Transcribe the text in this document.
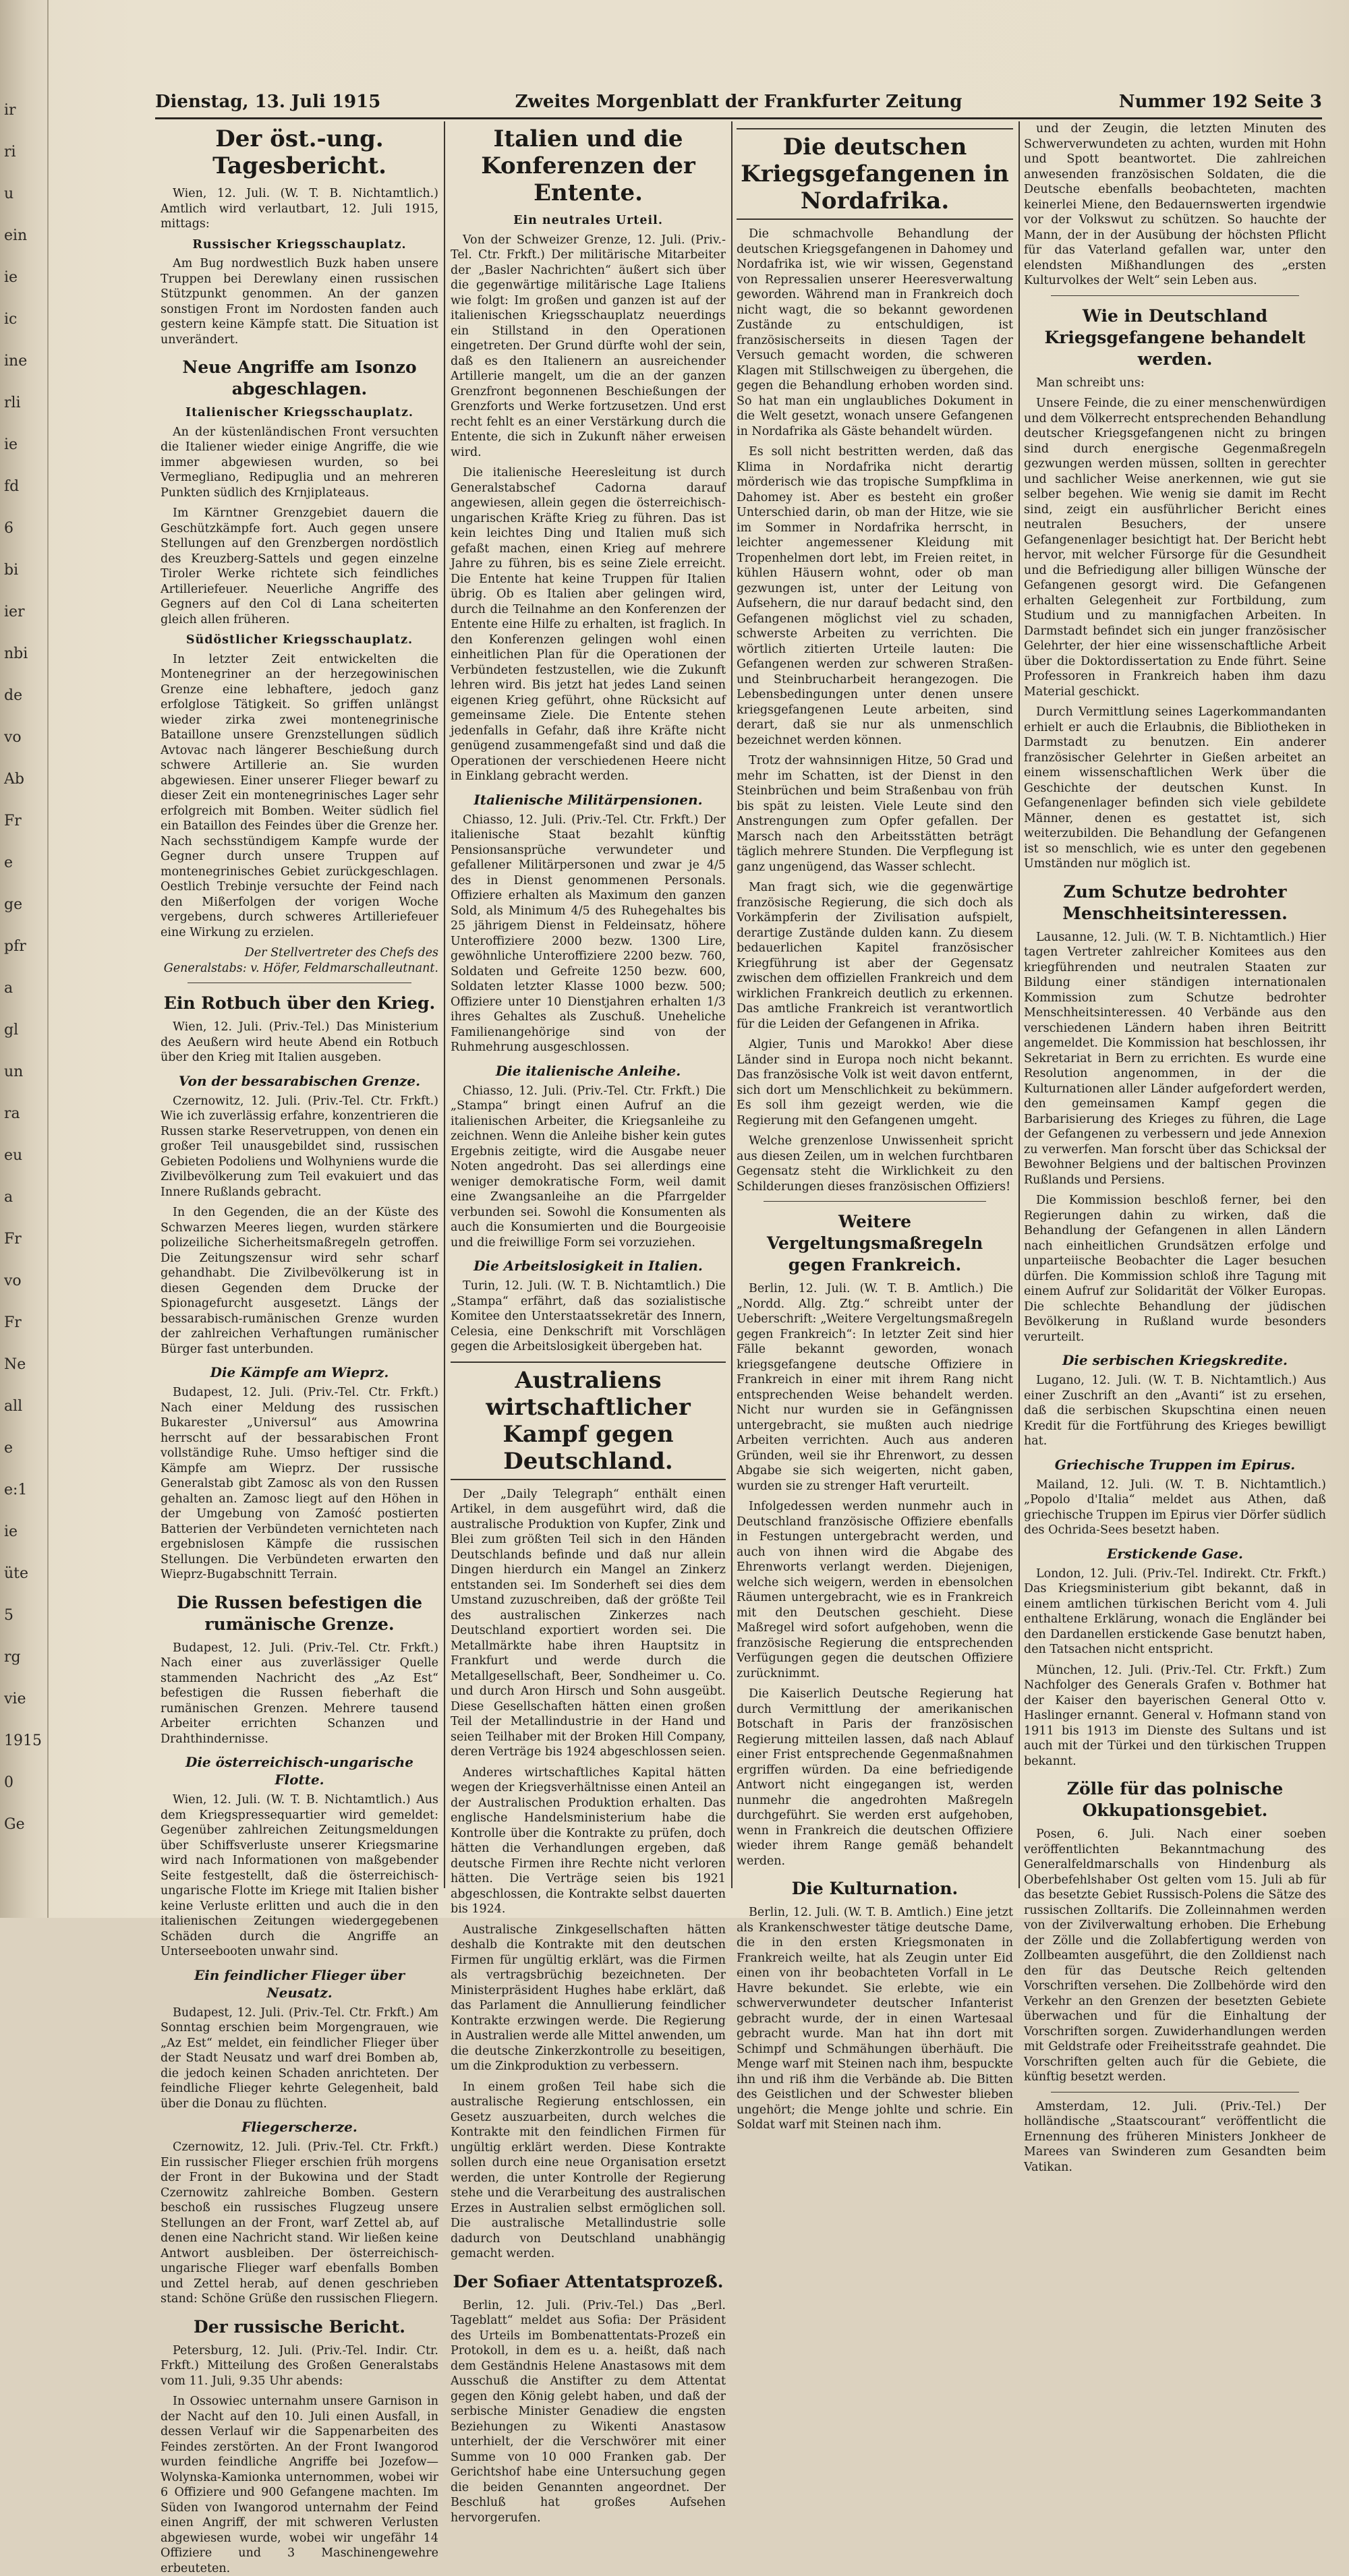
ir
ri
u
ein
ie
ic
ine
rli
ie
fd
6
bi
ier
nbi
de
vo
Ab
Fr
e
ge
pfr
a
gl
un
ra
eu
a
Fr
vo
Fr
Ne
all
e
e:1
ie
üte
5
rg
vie
1915
0
Ge
Dienstag, 13. Juli 1915	Zweites Morgenblatt der Frankfurter Zeitung	Nummer 192 Seite 3
Der öst.-ung. Tagesbericht.

Wien, 12. Juli. (W. T. B. Nichtamtlich.) Amtlich wird verlautbart, 12. Juli 1915, mittags:

Russischer Kriegsschauplatz.

Am Bug nordwestlich Buzk haben unsere Truppen bei Derewlany einen russischen Stützpunkt genommen. An der ganzen sonstigen Front im Nordosten fanden auch gestern keine Kämpfe statt. Die Situation ist unverändert.

Neue Angriffe am Isonzo abgeschlagen.
Italienischer Kriegsschauplatz.

An der küstenländischen Front versuchten die Italiener wieder einige Angriffe, die wie immer abgewiesen wurden, so bei Vermegliano, Redipuglia und an mehreren Punkten südlich des Krnjiplateaus.

Im Kärntner Grenzgebiet dauern die Geschützkämpfe fort. Auch gegen unsere Stellungen auf den Grenzbergen nordöstlich des Kreuzberg-Sattels und gegen einzelne Tiroler Werke richtete sich feindliches Artilleriefeuer. Neuerliche Angriffe des Gegners auf den Col di Lana scheiterten gleich allen früheren.

Südöstlicher Kriegsschauplatz.

In letzter Zeit entwickelten die Montenegriner an der herzegowinischen Grenze eine lebhaftere, jedoch ganz erfolglose Tätigkeit. So griffen unlängst wieder zirka zwei montenegrinische Bataillone unsere Grenzstellungen südlich Avtovac nach längerer Beschießung durch schwere Artillerie an. Sie wurden abgewiesen. Einer unserer Flieger bewarf zu dieser Zeit ein montenegrinisches Lager sehr erfolgreich mit Bomben. Weiter südlich fiel ein Bataillon des Feindes über die Grenze her. Nach sechsstündigem Kampfe wurde der Gegner durch unsere Truppen auf montenegrinisches Gebiet zurückgeschlagen. Oestlich Trebinje versuchte der Feind nach den Mißerfolgen der vorigen Woche vergebens, durch schweres Artilleriefeuer eine Wirkung zu erzielen.

Der Stellvertreter des Chefs des Generalstabs: v. Höfer, Feldmarschalleutnant.
Ein Rotbuch über den Krieg.

Wien, 12. Juli. (Priv.-Tel.) Das Ministerium des Aeußern wird heute Abend ein Rotbuch über den Krieg mit Italien ausgeben.

Von der bessarabischen Grenze.

Czernowitz, 12. Juli. (Priv.-Tel. Ctr. Frkft.) Wie ich zuverlässig erfahre, konzentrieren die Russen starke Reservetruppen, von denen ein großer Teil unausgebildet sind, russischen Gebieten Podoliens und Wolhyniens wurde die Zivilbevölkerung zum Teil evakuiert und das Innere Rußlands gebracht.

In den Gegenden, die an der Küste des Schwarzen Meeres liegen, wurden stärkere polizeiliche Sicherheitsmaßregeln getroffen. Die Zeitungszensur wird sehr scharf gehandhabt. Die Zivilbevölkerung ist in diesen Gegenden dem Drucke der Spionagefurcht ausgesetzt. Längs der bessarabisch-rumänischen Grenze wurden der zahlreichen Verhaftungen rumänischer Bürger fast unterbunden.

Die Kämpfe am Wieprz.

Budapest, 12. Juli. (Priv.-Tel. Ctr. Frkft.) Nach einer Meldung des russischen Bukarester „Universul“ aus Amowrina herrscht auf der bessarabischen Front vollständige Ruhe. Umso heftiger sind die Kämpfe am Wieprz. Der russische Generalstab gibt Zamosc als von den Russen gehalten an. Zamosc liegt auf den Höhen in der Umgebung von Zamość postierten Batterien der Verbündeten vernichteten nach ergebnislosen Kämpfe die russischen Stellungen. Die Verbündeten erwarten den Wieprz-Bugabschnitt Terrain.

Die Russen befestigen die rumänische Grenze.

Budapest, 12. Juli. (Priv.-Tel. Ctr. Frkft.) Nach einer aus zuverlässiger Quelle stammenden Nachricht des „Az Est“ befestigen die Russen fieberhaft die rumänischen Grenzen. Mehrere tausend Arbeiter errichten Schanzen und Drahthindernisse.

Die österreichisch-ungarische Flotte.

Wien, 12. Juli. (W. T. B. Nichtamtlich.) Aus dem Kriegspressequartier wird gemeldet: Gegenüber zahlreichen Zeitungsmeldungen über Schiffsverluste unserer Kriegsmarine wird nach Informationen von maßgebender Seite festgestellt, daß die österreichisch-ungarische Flotte im Kriege mit Italien bisher keine Verluste erlitten und auch die in den italienischen Zeitungen wiedergegebenen Schäden durch die Angriffe an Unterseebooten unwahr sind.

Ein feindlicher Flieger über Neusatz.

Budapest, 12. Juli. (Priv.-Tel. Ctr. Frkft.) Am Sonntag erschien beim Morgengrauen, wie „Az Est“ meldet, ein feindlicher Flieger über der Stadt Neusatz und warf drei Bomben ab, die jedoch keinen Schaden anrichteten. Der feindliche Flieger kehrte Gelegenheit, bald über die Donau zu flüchten.

Fliegerscherze.

Czernowitz, 12. Juli. (Priv.-Tel. Ctr. Frkft.) Ein russischer Flieger erschien früh morgens der Front in der Bukowina und der Stadt Czernowitz zahlreiche Bomben. Gestern beschoß ein russisches Flugzeug unsere Stellungen an der Front, warf Zettel ab, auf denen eine Nachricht stand. Wir ließen keine Antwort ausbleiben. Der österreichisch-ungarische Flieger warf ebenfalls Bomben und Zettel herab, auf denen geschrieben stand: Schöne Grüße den russischen Fliegern.

Der russische Bericht.

Petersburg, 12. Juli. (Priv.-Tel. Indir. Ctr. Frkft.) Mitteilung des Großen Generalstabs vom 11. Juli, 9.35 Uhr abends:

In Ossowiec unternahm unsere Garnison in der Nacht auf den 10. Juli einen Ausfall, in dessen Verlauf wir die Sappenarbeiten des Feindes zerstörten. An der Front Iwangorod wurden feindliche Angriffe bei Jozefow—Wolynska-Kamionka unternommen, wobei wir 6 Offiziere und 900 Gefangene machten. Im Süden von Iwangorod unternahm der Feind einen Angriff, der mit schweren Verlusten abgewiesen wurde, wobei wir ungefähr 14 Offiziere und 3 Maschinengewehre erbeuteten.

Italien und die Konferenzen der Entente.
Ein neutrales Urteil.

Von der Schweizer Grenze, 12. Juli. (Priv.-Tel. Ctr. Frkft.) Der militärische Mitarbeiter der „Basler Nachrichten“ äußert sich über die gegenwärtige militärische Lage Italiens wie folgt: Im großen und ganzen ist auf der italienischen Kriegsschauplatz neuerdings ein Stillstand in den Operationen eingetreten. Der Grund dürfte wohl der sein, daß es den Italienern an ausreichender Artillerie mangelt, um die an der ganzen Grenzfront begonnenen Beschießungen der Grenzforts und Werke fortzusetzen. Und erst recht fehlt es an einer Verstärkung durch die Entente, die sich in Zukunft näher erweisen wird.

Die italienische Heeresleitung ist durch Generalstabschef Cadorna darauf angewiesen, allein gegen die österreichisch-ungarischen Kräfte Krieg zu führen. Das ist kein leichtes Ding und Italien muß sich gefaßt machen, einen Krieg auf mehrere Jahre zu führen, bis es seine Ziele erreicht. Die Entente hat keine Truppen für Italien übrig. Ob es Italien aber gelingen wird, durch die Teilnahme an den Konferenzen der Entente eine Hilfe zu erhalten, ist fraglich. In den Konferenzen gelingen wohl einen einheitlichen Plan für die Operationen der Verbündeten festzustellen, wie die Zukunft lehren wird. Bis jetzt hat jedes Land seinen eigenen Krieg geführt, ohne Rücksicht auf gemeinsame Ziele. Die Entente stehen jedenfalls in Gefahr, daß ihre Kräfte nicht genügend zusammengefaßt sind und daß die Operationen der verschiedenen Heere nicht in Einklang gebracht werden.

Italienische Militärpensionen.

Chiasso, 12. Juli. (Priv.-Tel. Ctr. Frkft.) Der italienische Staat bezahlt künftig Pensionsansprüche verwundeter und gefallener Militärpersonen und zwar je 4/5 des in Dienst genommenen Personals. Offiziere erhalten als Maximum den ganzen Sold, als Minimum 4/5 des Ruhegehaltes bis 25 jährigem Dienst in Feldeinsatz, höhere Unteroffiziere 2000 bezw. 1300 Lire, gewöhnliche Unteroffiziere 2200 bezw. 760, Soldaten und Gefreite 1250 bezw. 600, Soldaten letzter Klasse 1000 bezw. 500; Offiziere unter 10 Dienstjahren erhalten 1/3 ihres Gehaltes als Zuschuß. Uneheliche Familienangehörige sind von der Ruhmehrung ausgeschlossen.

Die italienische Anleihe.

Chiasso, 12. Juli. (Priv.-Tel. Ctr. Frkft.) Die „Stampa“ bringt einen Aufruf an die italienischen Arbeiter, die Kriegsanleihe zu zeichnen. Wenn die Anleihe bisher kein gutes Ergebnis zeitigte, wird die Ausgabe neuer Noten angedroht. Das sei allerdings eine weniger demokratische Form, weil damit eine Zwangsanleihe an die Pfarrgelder verbunden sei. Sowohl die Konsumenten als auch die Konsumierten und die Bourgeoisie und die freiwillige Form sei vorzuziehen.

Die Arbeitslosigkeit in Italien.

Turin, 12. Juli. (W. T. B. Nichtamtlich.) Die „Stampa“ erfährt, daß das sozialistische Komitee den Unterstaatssekretär des Innern, Celesia, eine Denkschrift mit Vorschlägen gegen die Arbeitslosigkeit übergeben hat.

Australiens wirtschaftlicher Kampf gegen Deutschland.

Der „Daily Telegraph“ enthält einen Artikel, in dem ausgeführt wird, daß die australische Produktion von Kupfer, Zink und Blei zum größten Teil sich in den Händen Deutschlands befinde und daß nur allein Dingen hierdurch ein Mangel an Zinkerz entstanden sei. Im Sonderheft sei dies dem Umstand zuzuschreiben, daß der größte Teil des australischen Zinkerzes nach Deutschland exportiert worden sei. Die Metallmärkte habe ihren Hauptsitz in Frankfurt und werde durch die Metallgesellschaft, Beer, Sondheimer u. Co. und durch Aron Hirsch und Sohn ausgeübt. Diese Gesellschaften hätten einen großen Teil der Metallindustrie in der Hand und seien Teilhaber mit der Broken Hill Company, deren Verträge bis 1924 abgeschlossen seien.

Anderes wirtschaftliches Kapital hätten wegen der Kriegsverhältnisse einen Anteil an der Australischen Produktion erhalten. Das englische Handelsministerium habe die Kontrolle über die Kontrakte zu prüfen, doch hätten die Verhandlungen ergeben, daß deutsche Firmen ihre Rechte nicht verloren hätten. Die Verträge seien bis 1921 abgeschlossen, die Kontrakte selbst dauerten bis 1924.

Australische Zinkgesellschaften hätten deshalb die Kontrakte mit den deutschen Firmen für ungültig erklärt, was die Firmen als vertragsbrüchig bezeichneten. Der Ministerpräsident Hughes habe erklärt, daß das Parlament die Annullierung feindlicher Kontrakte erzwingen werde. Die Regierung in Australien werde alle Mittel anwenden, um die deutsche Zinkerzkontrolle zu beseitigen, um die Zinkproduktion zu verbessern.

In einem großen Teil habe sich die australische Regierung entschlossen, ein Gesetz auszuarbeiten, durch welches die Kontrakte mit den feindlichen Firmen für ungültig erklärt werden. Diese Kontrakte sollen durch eine neue Organisation ersetzt werden, die unter Kontrolle der Regierung stehe und die Verarbeitung des australischen Erzes in Australien selbst ermöglichen soll. Die australische Metallindustrie solle dadurch von Deutschland unabhängig gemacht werden.

Der Sofiaer Attentatsprozeß.

Berlin, 12. Juli. (Priv.-Tel.) Das „Berl. Tageblatt“ meldet aus Sofia: Der Präsident des Urteils im Bombenattentats-Prozeß ein Protokoll, in dem es u. a. heißt, daß nach dem Geständnis Helene Anastasows mit dem Ausschuß die Anstifter zu dem Attentat gegen den König gelebt haben, und daß der serbische Minister Genadiew die engsten Beziehungen zu Wikenti Anastasow unterhielt, der die Verschwörer mit einer Summe von 10 000 Franken gab. Der Gerichtshof habe eine Untersuchung gegen die beiden Genannten angeordnet. Der Beschluß hat großes Aufsehen hervorgerufen.

Die deutschen Kriegsgefangenen in Nordafrika.

Die schmachvolle Behandlung der deutschen Kriegsgefangenen in Dahomey und Nordafrika ist, wie wir wissen, Gegenstand von Repressalien unserer Heeresverwaltung geworden. Während man in Frankreich doch nicht wagt, die so bekannt gewordenen Zustände zu entschuldigen, ist französischerseits in diesen Tagen der Versuch gemacht worden, die schweren Klagen mit Stillschweigen zu übergehen, die gegen die Behandlung erhoben worden sind. So hat man ein unglaubliches Dokument in die Welt gesetzt, wonach unsere Gefangenen in Nordafrika als Gäste behandelt würden.

Es soll nicht bestritten werden, daß das Klima in Nordafrika nicht derartig mörderisch wie das tropische Sumpfklima in Dahomey ist. Aber es besteht ein großer Unterschied darin, ob man der Hitze, wie sie im Sommer in Nordafrika herrscht, in leichter angemessener Kleidung mit Tropenhelmen dort lebt, im Freien reitet, in kühlen Häusern wohnt, oder ob man gezwungen ist, unter der Leitung von Aufsehern, die nur darauf bedacht sind, den Gefangenen möglichst viel zu schaden, schwerste Arbeiten zu verrichten. Die wörtlich zitierten Urteile lauten: Die Gefangenen werden zur schweren Straßen- und Steinbrucharbeit herangezogen. Die Lebensbedingungen unter denen unsere kriegsgefangenen Leute arbeiten, sind derart, daß sie nur als unmenschlich bezeichnet werden können.

Trotz der wahnsinnigen Hitze, 50 Grad und mehr im Schatten, ist der Dienst in den Steinbrüchen und beim Straßenbau von früh bis spät zu leisten. Viele Leute sind den Anstrengungen zum Opfer gefallen. Der Marsch nach den Arbeitsstätten beträgt täglich mehrere Stunden. Die Verpflegung ist ganz ungenügend, das Wasser schlecht.

Man fragt sich, wie die gegenwärtige französische Regierung, die sich doch als Vorkämpferin der Zivilisation aufspielt, derartige Zustände dulden kann. Zu diesem bedauerlichen Kapitel französischer Kriegführung ist aber der Gegensatz zwischen dem offiziellen Frankreich und dem wirklichen Frankreich deutlich zu erkennen. Das amtliche Frankreich ist verantwortlich für die Leiden der Gefangenen in Afrika.

Algier, Tunis und Marokko! Aber diese Länder sind in Europa noch nicht bekannt. Das französische Volk ist weit davon entfernt, sich dort um Menschlichkeit zu bekümmern. Es soll ihm gezeigt werden, wie die Regierung mit den Gefangenen umgeht.

Welche grenzenlose Unwissenheit spricht aus diesen Zeilen, um in welchen furchtbaren Gegensatz steht die Wirklichkeit zu den Schilderungen dieses französischen Offiziers!

Weitere Vergeltungsmaßregeln gegen Frankreich.

Berlin, 12. Juli. (W. T. B. Amtlich.) Die „Nordd. Allg. Ztg.“ schreibt unter der Ueberschrift: „Weitere Vergeltungsmaßregeln gegen Frankreich“: In letzter Zeit sind hier Fälle bekannt geworden, wonach kriegsgefangene deutsche Offiziere in Frankreich in einer mit ihrem Rang nicht entsprechenden Weise behandelt werden. Nicht nur wurden sie in Gefängnissen untergebracht, sie mußten auch niedrige Arbeiten verrichten. Auch aus anderen Gründen, weil sie ihr Ehrenwort, zu dessen Abgabe sie sich weigerten, nicht gaben, wurden sie zu strenger Haft verurteilt.

Infolgedessen werden nunmehr auch in Deutschland französische Offiziere ebenfalls in Festungen untergebracht werden, und auch von ihnen wird die Abgabe des Ehrenworts verlangt werden. Diejenigen, welche sich weigern, werden in ebensolchen Räumen untergebracht, wie es in Frankreich mit den Deutschen geschieht. Diese Maßregel wird sofort aufgehoben, wenn die französische Regierung die entsprechenden Verfügungen gegen die deutschen Offiziere zurücknimmt.

Die Kaiserlich Deutsche Regierung hat durch Vermittlung der amerikanischen Botschaft in Paris der französischen Regierung mitteilen lassen, daß nach Ablauf einer Frist entsprechende Gegenmaßnahmen ergriffen würden. Da eine befriedigende Antwort nicht eingegangen ist, werden nunmehr die angedrohten Maßregeln durchgeführt. Sie werden erst aufgehoben, wenn in Frankreich die deutschen Offiziere wieder ihrem Range gemäß behandelt werden.

Die Kulturnation.

Berlin, 12. Juli. (W. T. B. Amtlich.) Eine jetzt als Krankenschwester tätige deutsche Dame, die in den ersten Kriegsmonaten in Frankreich weilte, hat als Zeugin unter Eid einen von ihr beobachteten Vorfall in Le Havre bekundet. Sie erlebte, wie ein schwerverwundeter deutscher Infanterist gebracht wurde, der in einen Wartesaal gebracht wurde. Man hat ihn dort mit Schimpf und Schmähungen überhäuft. Die Menge warf mit Steinen nach ihm, bespuckte ihn und riß ihm die Verbände ab. Die Bitten des Geistlichen und der Schwester blieben ungehört; die Menge johlte und schrie. Ein Soldat warf mit Steinen nach ihm.

und der Zeugin, die letzten Minuten des Schwerverwundeten zu achten, wurden mit Hohn und Spott beantwortet. Die zahlreichen anwesenden französischen Soldaten, die die Deutsche ebenfalls beobachteten, machten keinerlei Miene, den Bedauernswerten irgendwie vor der Volkswut zu schützen. So hauchte der Mann, der in der Ausübung der höchsten Pflicht für das Vaterland gefallen war, unter den elendsten Mißhandlungen des „ersten Kulturvolkes der Welt“ sein Leben aus.

Wie in Deutschland Kriegsgefangene behandelt werden.

Man schreibt uns:

Unsere Feinde, die zu einer menschenwürdigen und dem Völkerrecht entsprechenden Behandlung deutscher Kriegsgefangenen nicht zu bringen sind durch energische Gegenmaßregeln gezwungen werden müssen, sollten in gerechter und sachlicher Weise anerkennen, wie gut sie selber begehen. Wie wenig sie damit im Recht sind, zeigt ein ausführlicher Bericht eines neutralen Besuchers, der unsere Gefangenenlager besichtigt hat. Der Bericht hebt hervor, mit welcher Fürsorge für die Gesundheit und die Befriedigung aller billigen Wünsche der Gefangenen gesorgt wird. Die Gefangenen erhalten Gelegenheit zur Fortbildung, zum Studium und zu mannigfachen Arbeiten. In Darmstadt befindet sich ein junger französischer Gelehrter, der hier eine wissenschaftliche Arbeit über die Doktordissertation zu Ende führt. Seine Professoren in Frankreich haben ihm dazu Material geschickt.

Durch Vermittlung seines Lagerkommandanten erhielt er auch die Erlaubnis, die Bibliotheken in Darmstadt zu benutzen. Ein anderer französischer Gelehrter in Gießen arbeitet an einem wissenschaftlichen Werk über die Geschichte der deutschen Kunst. In Gefangenenlager befinden sich viele gebildete Männer, denen es gestattet ist, sich weiterzubilden. Die Behandlung der Gefangenen ist so menschlich, wie es unter den gegebenen Umständen nur möglich ist.

Zum Schutze bedrohter Menschheitsinteressen.

Lausanne, 12. Juli. (W. T. B. Nichtamtlich.) Hier tagen Vertreter zahlreicher Komitees aus den kriegführenden und neutralen Staaten zur Bildung einer ständigen internationalen Kommission zum Schutze bedrohter Menschheitsinteressen. 40 Verbände aus den verschiedenen Ländern haben ihren Beitritt angemeldet. Die Kommission hat beschlossen, ihr Sekretariat in Bern zu errichten. Es wurde eine Resolution angenommen, in der die Kulturnationen aller Länder aufgefordert werden, den gemeinsamen Kampf gegen die Barbarisierung des Krieges zu führen, die Lage der Gefangenen zu verbessern und jede Annexion zu verwerfen. Man forscht über das Schicksal der Bewohner Belgiens und der baltischen Provinzen Rußlands und Persiens.

Die Kommission beschloß ferner, bei den Regierungen dahin zu wirken, daß die Behandlung der Gefangenen in allen Ländern nach einheitlichen Grundsätzen erfolge und unparteiische Beobachter die Lager besuchen dürfen. Die Kommission schloß ihre Tagung mit einem Aufruf zur Solidarität der Völker Europas. Die schlechte Behandlung der jüdischen Bevölkerung in Rußland wurde besonders verurteilt.

Die serbischen Kriegskredite.

Lugano, 12. Juli. (W. T. B. Nichtamtlich.) Aus einer Zuschrift an den „Avanti“ ist zu ersehen, daß die serbischen Skupschtina einen neuen Kredit für die Fortführung des Krieges bewilligt hat.

Griechische Truppen im Epirus.

Mailand, 12. Juli. (W. T. B. Nichtamtlich.) „Popolo d'Italia“ meldet aus Athen, daß griechische Truppen im Epirus vier Dörfer südlich des Ochrida-Sees besetzt haben.

Erstickende Gase.

London, 12. Juli. (Priv.-Tel. Indirekt. Ctr. Frkft.) Das Kriegsministerium gibt bekannt, daß in einem amtlichen türkischen Bericht vom 4. Juli enthaltene Erklärung, wonach die Engländer bei den Dardanellen erstickende Gase benutzt haben, den Tatsachen nicht entspricht.

München, 12. Juli. (Priv.-Tel. Ctr. Frkft.) Zum Nachfolger des Generals Grafen v. Bothmer hat der Kaiser den bayerischen General Otto v. Haslinger ernannt. General v. Hofmann stand von 1911 bis 1913 im Dienste des Sultans und ist auch mit der Türkei und den türkischen Truppen bekannt.

Zölle für das polnische Okkupationsgebiet.

Posen, 6. Juli. Nach einer soeben veröffentlichten Bekanntmachung des Generalfeldmarschalls von Hindenburg als Oberbefehlshaber Ost gelten vom 15. Juli ab für das besetzte Gebiet Russisch-Polens die Sätze des russischen Zolltarifs. Die Zolleinnahmen werden von der Zivilverwaltung erhoben. Die Erhebung der Zölle und die Zollabfertigung werden von Zollbeamten ausgeführt, die den Zolldienst nach den für das Deutsche Reich geltenden Vorschriften versehen. Die Zollbehörde wird den Verkehr an den Grenzen der besetzten Gebiete überwachen und für die Einhaltung der Vorschriften sorgen. Zuwiderhandlungen werden mit Geldstrafe oder Freiheitsstrafe geahndet. Die Vorschriften gelten auch für die Gebiete, die künftig besetzt werden.

Amsterdam, 12. Juli. (Priv.-Tel.) Der holländische „Staatscourant“ veröffentlicht die Ernennung des früheren Ministers Jonkheer de Marees van Swinderen zum Gesandten beim Vatikan.
